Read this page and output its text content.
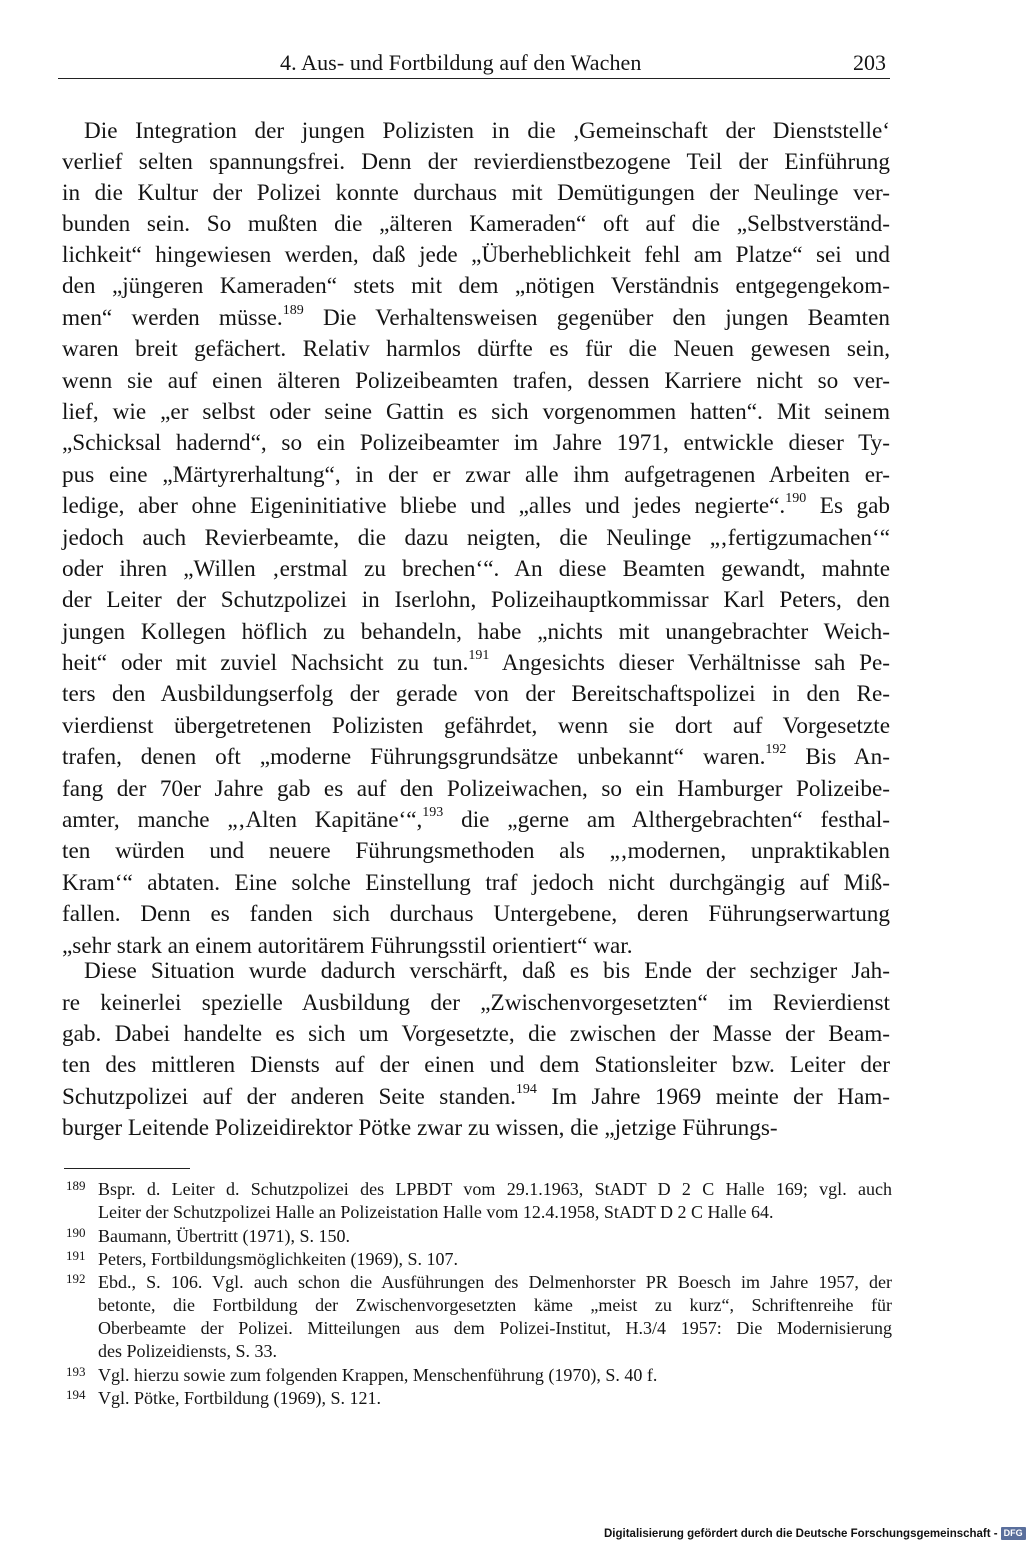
4. Aus- und Fortbildung auf den Wachen	203
Die Integration der jungen Polizisten in die ,Gemeinschaft der Dienststelle‘
verlief selten spannungsfrei. Denn der revierdienstbezogene Teil der Einführung
in die Kultur der Polizei konnte durchaus mit Demütigungen der Neulinge ver-
bunden sein. So mußten die „älteren Kameraden“ oft auf die „Selbstverständ-
lichkeit“ hingewiesen werden, daß jede „Überheblichkeit fehl am Platze“ sei und
den „jüngeren Kameraden“ stets mit dem „nötigen Verständnis entgegengekom-
men“ werden müsse.$^{189}$ Die Verhaltensweisen gegenüber den jungen Beamten
waren breit gefächert. Relativ harmlos dürfte es für die Neuen gewesen sein,
wenn sie auf einen älteren Polizeibeamten trafen, dessen Karriere nicht so ver-
lief, wie „er selbst oder seine Gattin es sich vorgenommen hatten“. Mit seinem
„Schicksal hadernd“, so ein Polizeibeamter im Jahre 1971, entwickle dieser Ty-
pus eine „Märtyrerhaltung“, in der er zwar alle ihm aufgetragenen Arbeiten er-
ledige, aber ohne Eigeninitiative bliebe und „alles und jedes negierte“.$^{190}$ Es gab
jedoch auch Revierbeamte, die dazu neigten, die Neulinge „‚fertigzumachen‘“
oder ihren „Willen ‚erstmal zu brechen‘“. An diese Beamten gewandt, mahnte
der Leiter der Schutzpolizei in Iserlohn, Polizeihauptkommissar Karl Peters, den
jungen Kollegen höflich zu behandeln, habe „nichts mit unangebrachter Weich-
heit“ oder mit zuviel Nachsicht zu tun.$^{191}$ Angesichts dieser Verhältnisse sah Pe-
ters den Ausbildungserfolg der gerade von der Bereitschaftspolizei in den Re-
vierdienst übergetretenen Polizisten gefährdet, wenn sie dort auf Vorgesetzte
trafen, denen oft „moderne Führungsgrundsätze unbekannt“ waren.$^{192}$ Bis An-
fang der 70er Jahre gab es auf den Polizeiwachen, so ein Hamburger Polizeibe-
amter, manche „‚Alten Kapitäne‘“,$^{193}$ die „gerne am Althergebrachten“ festhal-
ten würden und neuere Führungsmethoden als „‚modernen, unpraktikablen
Kram‘“ abtaten. Eine solche Einstellung traf jedoch nicht durchgängig auf Miß-
fallen. Denn es fanden sich durchaus Untergebene, deren Führungserwartung
„sehr stark an einem autoritärem Führungsstil orientiert“ war.
Diese Situation wurde dadurch verschärft, daß es bis Ende der sechziger Jah-
re keinerlei spezielle Ausbildung der „Zwischenvorgesetzten“ im Revierdienst
gab. Dabei handelte es sich um Vorgesetzte, die zwischen der Masse der Beam-
ten des mittleren Diensts auf der einen und dem Stationsleiter bzw. Leiter der
Schutzpolizei auf der anderen Seite standen.$^{194}$ Im Jahre 1969 meinte der Ham-
burger Leitende Polizeidirektor Pötke zwar zu wissen, die „jetzige Führungs-
189 Bspr. d. Leiter d. Schutzpolizei des LPBDT vom 29.1.1963, StADT D 2 C Halle 169; vgl. auch
Leiter der Schutzpolizei Halle an Polizeistation Halle vom 12.4.1958, StADT D 2 C Halle 64.
190 Baumann, Übertritt (1971), S. 150.
191 Peters, Fortbildungsmöglichkeiten (1969), S. 107.
192 Ebd., S. 106. Vgl. auch schon die Ausführungen des Delmenhorster PR Boesch im Jahre 1957, der
betonte, die Fortbildung der Zwischenvorgesetzten käme „meist zu kurz“, Schriftenreihe für
Oberbeamte der Polizei. Mitteilungen aus dem Polizei-Institut, H.3/4 1957: Die Modernisierung
des Polizeidiensts, S. 33.
193 Vgl. hierzu sowie zum folgenden Krappen, Menschenführung (1970), S. 40 f.
194 Vgl. Pötke, Fortbildung (1969), S. 121.
Digitalisierung gefördert durch die Deutsche Forschungsgemeinschaft - DFG
